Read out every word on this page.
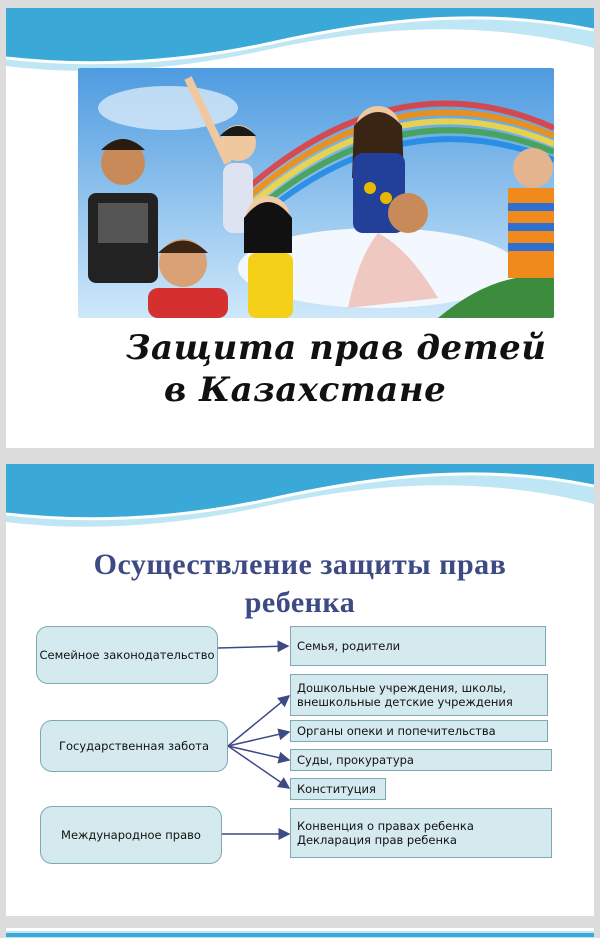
Защита прав детей
в Казахстане
Осуществление защиты прав
ребенка
Семейное законодательство
Государственная забота
Международное право
Семья, родители
Дошкольные учреждения, школы, внешкольные детские учреждения
Органы опеки и попечительства
Суды, прокуратура
Конституция
Конвенция о правах ребенка
Декларация прав ребенка
